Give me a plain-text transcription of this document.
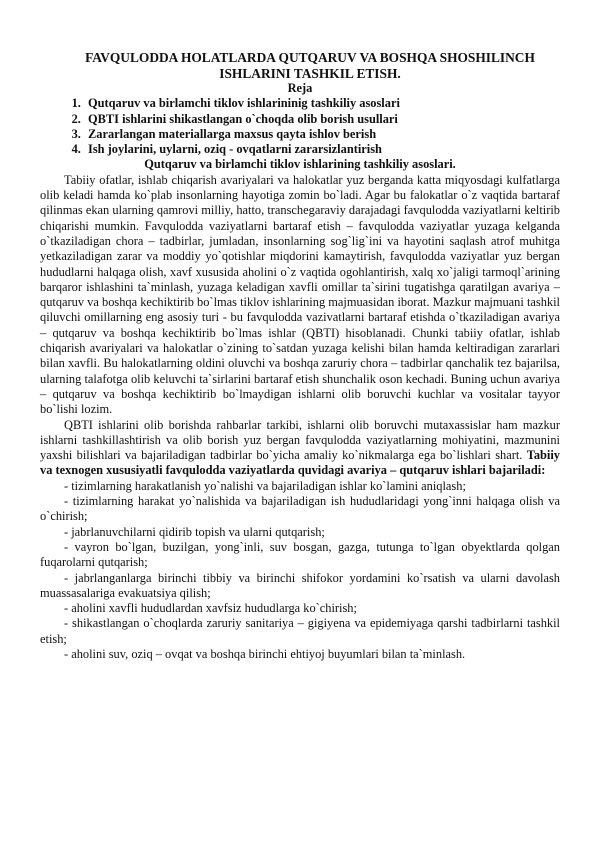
FAVQULODDA HOLATLARDA QUTQARUV VA BOSHQA SHOSHILINCH ISHLARINI TASHKIL ETISH.

Reja

1. Qutqaruv va birlamchi tiklov ishlarininig tashkiliy asoslari
2. QBTI ishlarini shikastlangan o`choqda olib borish usullari
3. Zararlangan materiallarga maxsus qayta ishlov berish
4. Ish joylarini, uylarni, oziq - ovqatlarni zararsizlantirish

Qutqaruv va birlamchi tiklov ishlarining tashkiliy asoslari.

Tabiiy ofatlar, ishlab chiqarish avariyalari va halokatlar yuz berganda katta miqyosdagi kulfatlarga olib keladi hamda ko`plab insonlarning hayotiga zomin bo`ladi. Agar bu falokatlar o`z vaqtida bartaraf qilinmas ekan ularning qamrovi milliy, hatto, transchegaraviy darajadagi favqulodda vaziyatlarni keltirib chiqarishi mumkin. Favqulodda vaziyatlarni bartaraf etish – favqulodda vaziyatlar yuzaga kelganda o`tkaziladigan chora – tadbirlar, jumladan, insonlarning sog`lig`ini va hayotini saqlash atrof muhitga yetkaziladigan zarar va moddiy yo`qotishlar miqdorini kamaytirish, favqulodda vaziyatlar yuz bergan hududlarni halqaga olish, xavf xususida aholini o`z vaqtida ogohlantirish, xalq xo`jaligi tarmoql`arining barqaror ishlashini ta`minlash, yuzaga keladigan xavfli omillar ta`sirini tugatishga qaratilgan avariya – qutqaruv va boshqa kechiktirib bo`lmas tiklov ishlarining majmuasidan iborat. Mazkur majmuani tashkil qiluvchi omillarning eng asosiy turi - bu favqulodda vazivatlarni bartaraf etishda o`tkaziladigan avariya – qutqaruv va boshqa kechiktirib bo`lmas ishlar (QBTI) hisoblanadi. Chunki tabiiy ofatlar, ishlab chiqarish avariyalari va halokatlar o`zining to`satdan yuzaga kelishi bilan hamda keltiradigan zararlari bilan xavfli. Bu halokatlarning oldini oluvchi va boshqa zaruriy chora – tadbirlar qanchalik tez bajarilsa, ularning talafotga olib keluvchi ta`sirlarini bartaraf etish shunchalik oson kechadi. Buning uchun avariya – qutqaruv va boshqa kechiktirib bo`lmaydigan ishlarni olib boruvchi kuchlar va vositalar tayyor bo`lishi lozim.

QBTI ishlarini olib borishda rahbarlar tarkibi, ishlarni olib boruvchi mutaxassislar ham mazkur ishlarni tashkillashtirish va olib borish yuz bergan favqulodda vaziyatlarning mohiyatini, mazmunini yaxshi bilishlari va bajariladigan tadbirlar bo`yicha amaliy ko`nikmalarga ega bo`lishlari shart. Tabiiy va texnogen xususiyatli favqulodda vaziyatlarda quvidagi avariya – qutqaruv ishlari bajariladi:

- tizimlarning harakatlanish yo`nalishi va bajariladigan ishlar ko`lamini aniqlash;
- tizimlarning harakat yo`nalishida va bajariladigan ish hududlaridagi yong`inni halqaga olish va o`chirish;
- jabrlanuvchilarni qidirib topish va ularni qutqarish;
- vayron bo`lgan, buzilgan, yong`inli, suv bosgan, gazga, tutunga to`lgan obyektlarda qolgan fuqarolarni qutqarish;
- jabrlanganlarga birinchi tibbiy va birinchi shifokor yordamini ko`rsatish va ularni davolash muassasalariga evakuatsiya qilish;
- aholini xavfli hududlardan xavfsiz hududlarga ko`chirish;
- shikastlangan o`choqlarda zaruriy sanitariya – gigiyena va epidemiyaga qarshi tadbirlarni tashkil etish;
- aholini suv, oziq – ovqat va boshqa birinchi ehtiyoj buyumlari bilan ta`minlash.
